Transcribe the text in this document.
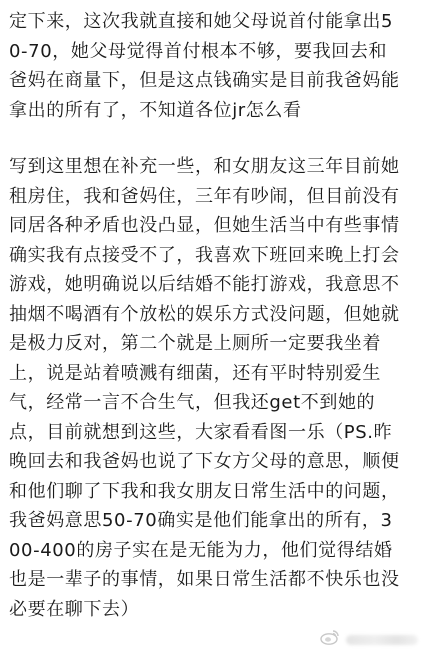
定下来，这次我就直接和她父母说首付能拿出5
0-70，她父母觉得首付根本不够，要我回去和
爸妈在商量下，但是这点钱确实是目前我爸妈能
拿出的所有了，不知道各位jr怎么看
写到这里想在补充一些，和女朋友这三年目前她
租房住，我和爸妈住，三年有吵闹，但目前没有
同居各种矛盾也没凸显，但她生活当中有些事情
确实我有点接受不了，我喜欢下班回来晚上打会
游戏，她明确说以后结婚不能打游戏，我意思不
抽烟不喝酒有个放松的娱乐方式没问题，但她就
是极力反对，第二个就是上厕所一定要我坐着
上，说是站着喷溅有细菌，还有平时特别爱生
气，经常一言不合生气，但我还get不到她的
点，目前就想到这些，大家看看图一乐（PS.昨
晚回去和我爸妈也说了下女方父母的意思，顺便
和他们聊了下我和我女朋友日常生活中的问题，
我爸妈意思50-70确实是他们能拿出的所有，3
00-400的房子实在是无能为力，他们觉得结婚
也是一辈子的事情，如果日常生活都不快乐也没
必要在聊下去）
